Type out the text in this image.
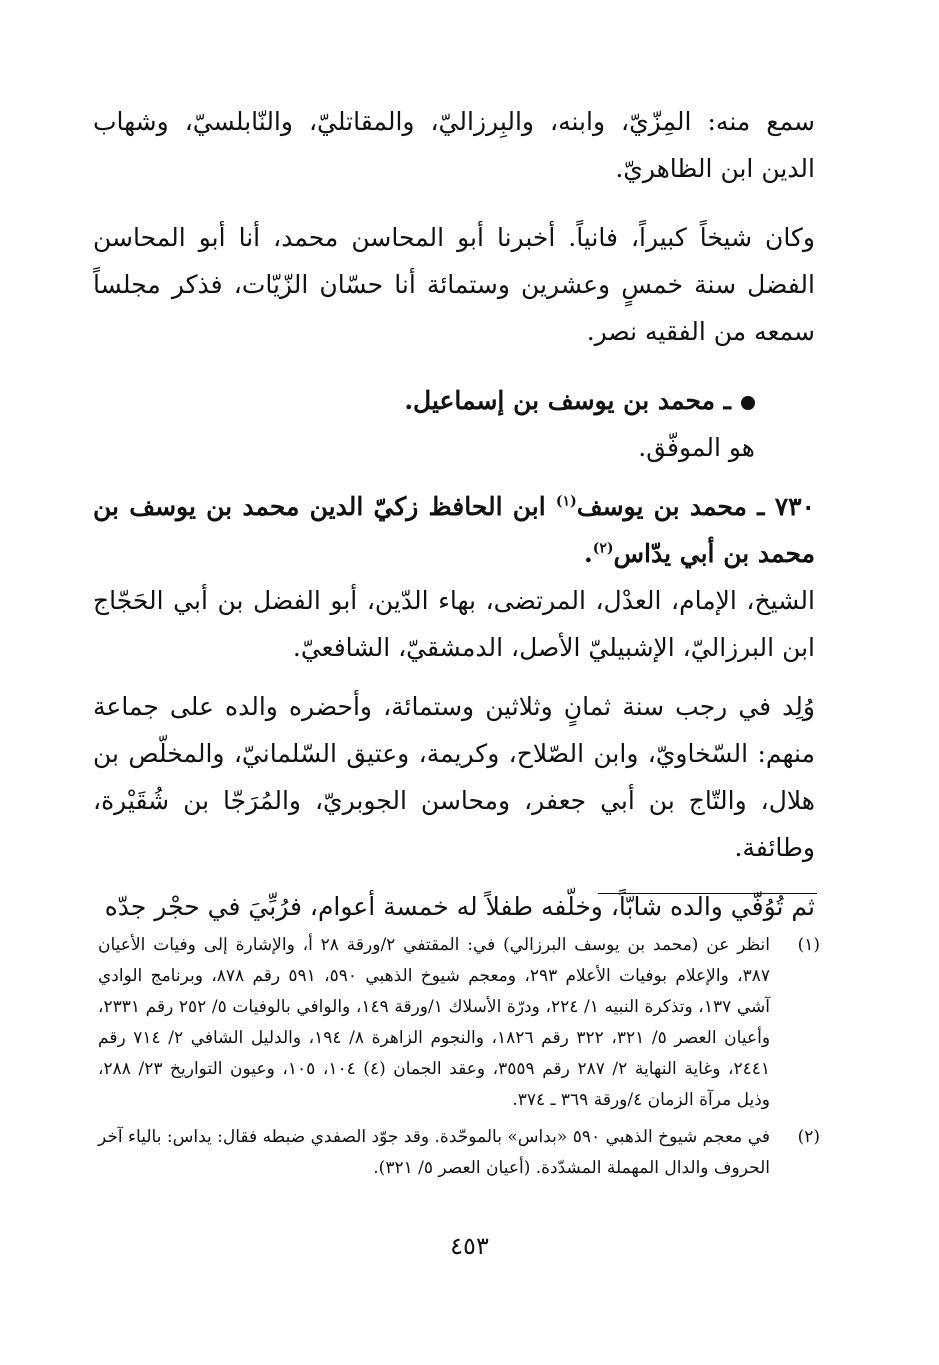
سمع منه: المِزّيّ، وابنه، والبِرزاليّ، والمقاتليّ، والنّابلسيّ، وشهاب الدين ابن الظاهريّ.

وكان شيخاً كبيراً، فانياً. أخبرنا أبو المحاسن محمد، أنا أبو المحاسن الفضل سنة خمسٍ وعشرين وستمائة أنا حسّان الزّيّات، فذكر مجلساً سمعه من الفقيه نصر.

ـ محمد بن يوسف بن إسماعيل.
هو الموفّق.

٧٣٠ ـ محمد بن يوسف$^{(١)}$ ابن الحافظ زكيّ الدين محمد بن يوسف بن محمد بن أبي يدّاس$^{(٢)}$.

الشيخ، الإمام، العدْل، المرتضى، بهاء الدّين، أبو الفضل بن أبي الحَجّاج ابن البرزاليّ، الإشبيليّ الأصل، الدمشقيّ، الشافعيّ.

وُلِد في رجب سنة ثمانٍ وثلاثين وستمائة، وأحضره والده على جماعة منهم: السّخاويّ، وابن الصّلاح، وكريمة، وعتيق السّلمانيّ، والمخلّص بن هلال، والتّاج بن أبي جعفر، ومحاسن الجوبريّ، والمُرَجّا بن شُقَيْرة، وطائفة.

ثم تُوُفّي والده شابّاً، وخلّفه طفلاً له خمسة أعوام، فرُبِّيَ في حجْر جدّه

(١)
انظر عن (محمد بن يوسف البرزالي) في: المقتفي ٢/ورقة ٢٨ أ، والإشارة إلى وفيات الأعيان ٣٨٧، والإعلام بوفيات الأعلام ٢٩٣، ومعجم شيوخ الذهبي ٥٩٠، ٥٩١ رقم ٨٧٨، وبرنامج الوادي آشي ١٣٧، وتذكرة النبيه ١/ ٢٢٤، ودرّة الأسلاك ١/ورقة ١٤٩، والوافي بالوفيات ٥/ ٢٥٢ رقم ٢٣٣١، وأعيان العصر ٥/ ٣٢١، ٣٢٢ رقم ١٨٢٦، والنجوم الزاهرة ٨/ ١٩٤، والدليل الشافي ٢/ ٧١٤ رقم ٢٤٤١، وغاية النهاية ٢/ ٢٨٧ رقم ٣٥٥٩، وعقد الجمان (٤) ١٠٤، ١٠٥، وعيون التواريخ ٢٣/ ٢٨٨، وذيل مرآة الزمان ٤/ورقة ٣٦٩ ـ ٣٧٤.
(٢)
في معجم شيوخ الذهبي ٥٩٠ «بداس» بالموحّدة. وقد جوّد الصفدي ضبطه فقال: يداس: بالياء آخر الحروف والدال المهملة المشدّدة. (أعيان العصر ٥/ ٣٢١).
٤٥٣
